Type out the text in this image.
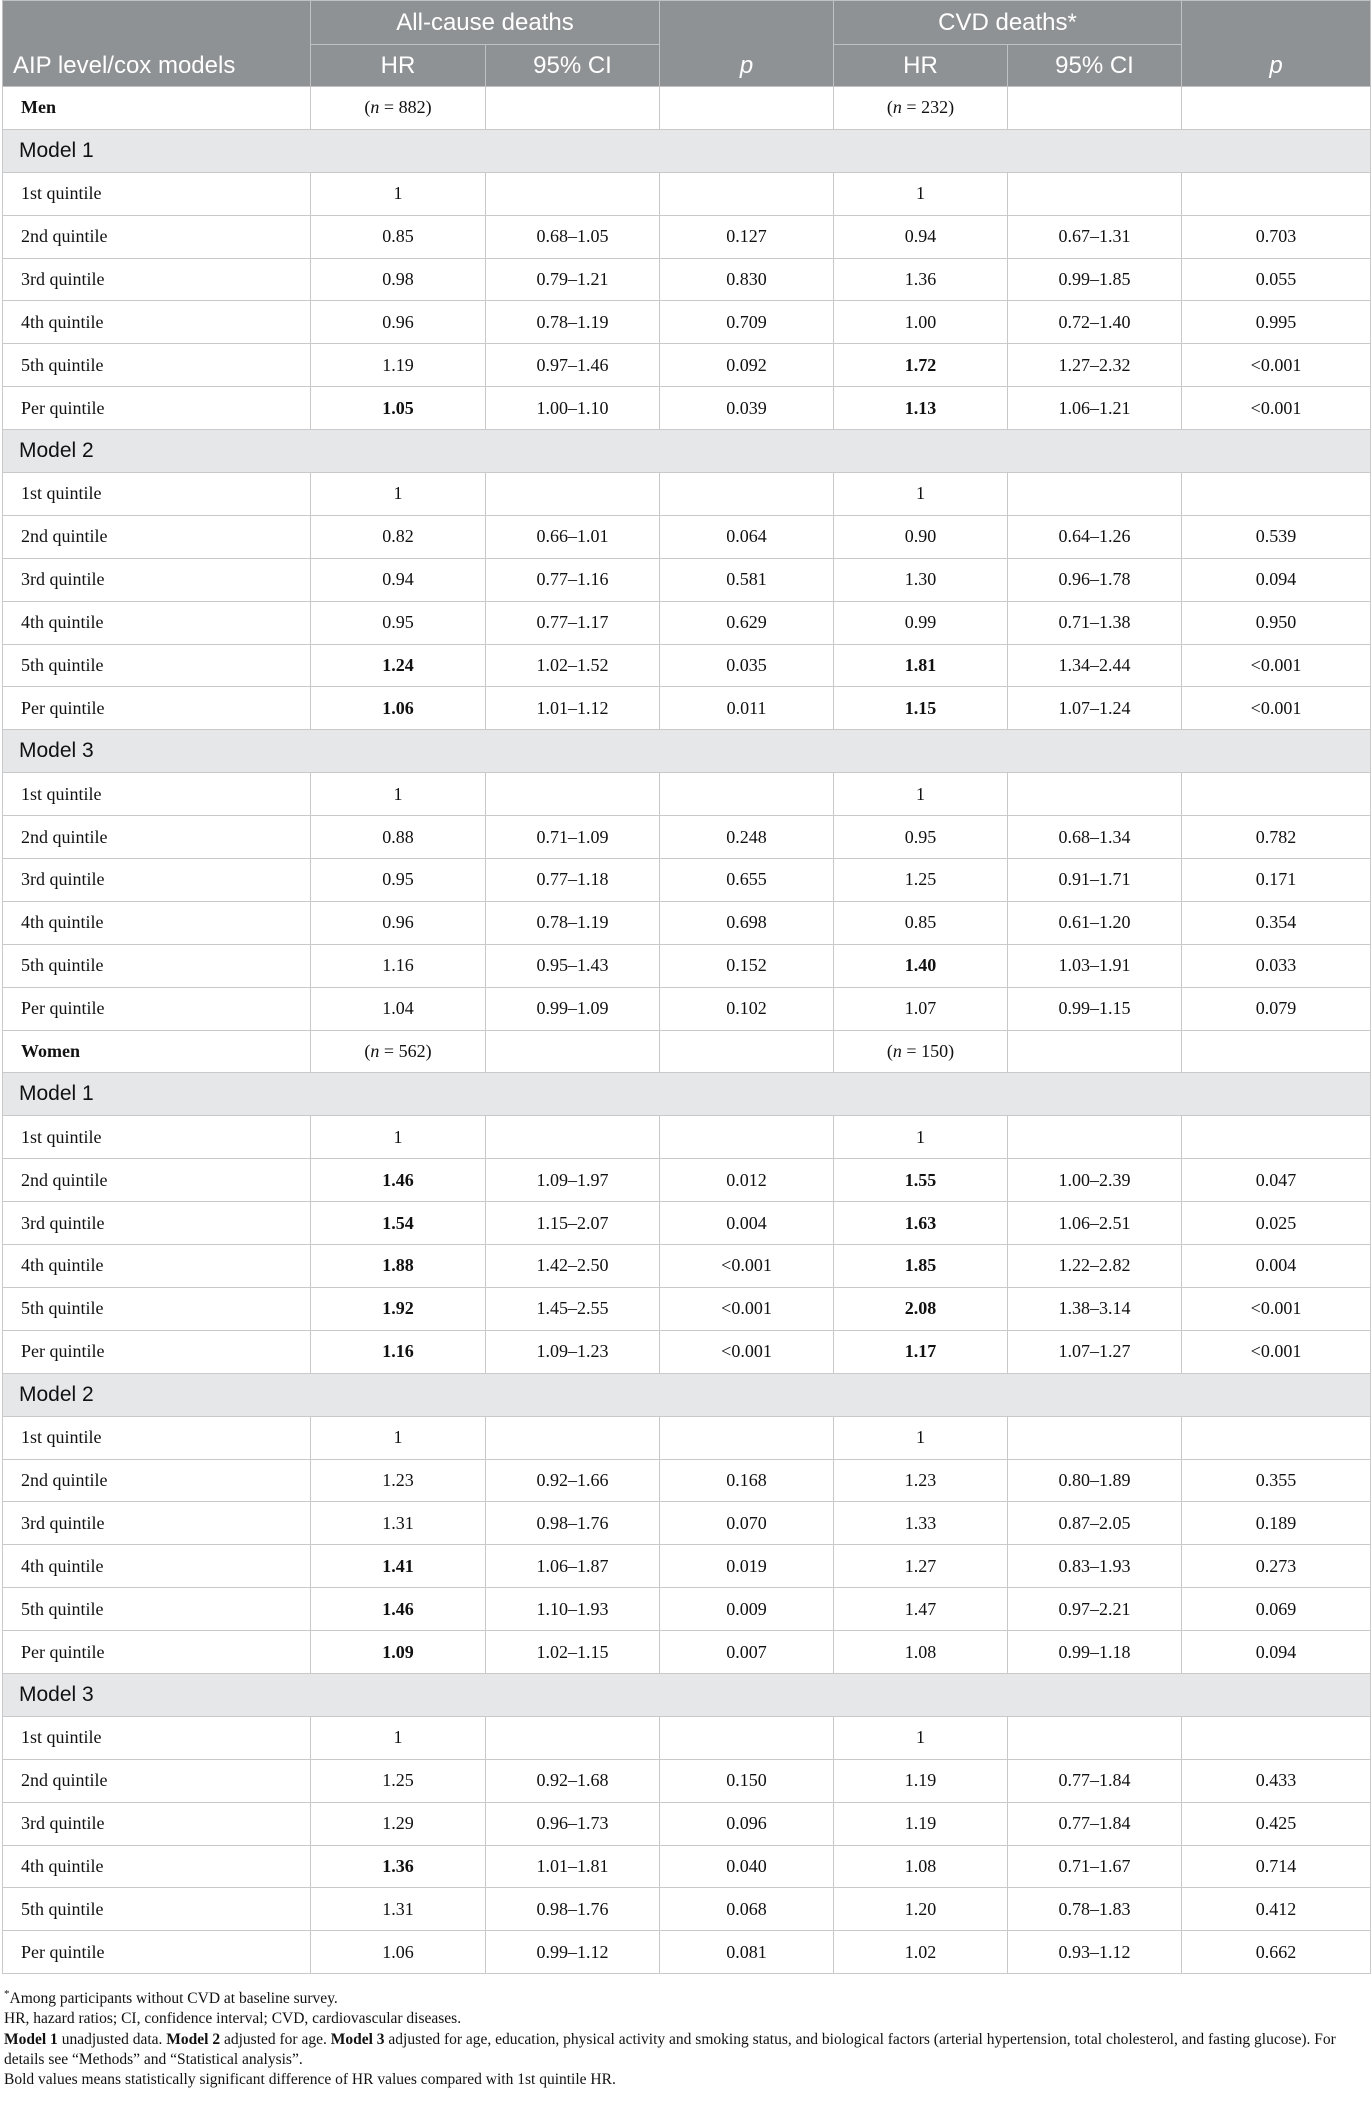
AIP level/cox models	All-cause deaths		p	CVD deaths*		p
	HR	95% CI		HR	95% CI	
Men	(n = 882)			(n = 232)		
Model 1						
1st quintile	1			1		
2nd quintile	0.85	0.68–1.05	0.127	0.94	0.67–1.31	0.703
3rd quintile	0.98	0.79–1.21	0.830	1.36	0.99–1.85	0.055
4th quintile	0.96	0.78–1.19	0.709	1.00	0.72–1.40	0.995
5th quintile	1.19	0.97–1.46	0.092	1.72	1.27–2.32	<0.001
Per quintile	1.05	1.00–1.10	0.039	1.13	1.06–1.21	<0.001
Model 2						
1st quintile	1			1		
2nd quintile	0.82	0.66–1.01	0.064	0.90	0.64–1.26	0.539
3rd quintile	0.94	0.77–1.16	0.581	1.30	0.96–1.78	0.094
4th quintile	0.95	0.77–1.17	0.629	0.99	0.71–1.38	0.950
5th quintile	1.24	1.02–1.52	0.035	1.81	1.34–2.44	<0.001
Per quintile	1.06	1.01–1.12	0.011	1.15	1.07–1.24	<0.001
Model 3						
1st quintile	1			1		
2nd quintile	0.88	0.71–1.09	0.248	0.95	0.68–1.34	0.782
3rd quintile	0.95	0.77–1.18	0.655	1.25	0.91–1.71	0.171
4th quintile	0.96	0.78–1.19	0.698	0.85	0.61–1.20	0.354
5th quintile	1.16	0.95–1.43	0.152	1.40	1.03–1.91	0.033
Per quintile	1.04	0.99–1.09	0.102	1.07	0.99–1.15	0.079
Women	(n = 562)			(n = 150)		
Model 1						
1st quintile	1			1		
2nd quintile	1.46	1.09–1.97	0.012	1.55	1.00–2.39	0.047
3rd quintile	1.54	1.15–2.07	0.004	1.63	1.06–2.51	0.025
4th quintile	1.88	1.42–2.50	<0.001	1.85	1.22–2.82	0.004
5th quintile	1.92	1.45–2.55	<0.001	2.08	1.38–3.14	<0.001
Per quintile	1.16	1.09–1.23	<0.001	1.17	1.07–1.27	<0.001
Model 2						
1st quintile	1			1		
2nd quintile	1.23	0.92–1.66	0.168	1.23	0.80–1.89	0.355
3rd quintile	1.31	0.98–1.76	0.070	1.33	0.87–2.05	0.189
4th quintile	1.41	1.06–1.87	0.019	1.27	0.83–1.93	0.273
5th quintile	1.46	1.10–1.93	0.009	1.47	0.97–2.21	0.069
Per quintile	1.09	1.02–1.15	0.007	1.08	0.99–1.18	0.094
Model 3						
1st quintile	1			1		
2nd quintile	1.25	0.92–1.68	0.150	1.19	0.77–1.84	0.433
3rd quintile	1.29	0.96–1.73	0.096	1.19	0.77–1.84	0.425
4th quintile	1.36	1.01–1.81	0.040	1.08	0.71–1.67	0.714
5th quintile	1.31	0.98–1.76	0.068	1.20	0.78–1.83	0.412
Per quintile	1.06	0.99–1.12	0.081	1.02	0.93–1.12	0.662

*Among participants without CVD at baseline survey.

HR, hazard ratios; CI, confidence interval; CVD, cardiovascular diseases.

Model 1 unadjusted data. Model 2 adjusted for age. Model 3 adjusted for age, education, physical activity and smoking status, and biological factors (arterial hypertension, total cholesterol, and fasting glucose). For details see “Methods” and “Statistical analysis”.

Bold values means statistically significant difference of HR values compared with 1st quintile HR.
